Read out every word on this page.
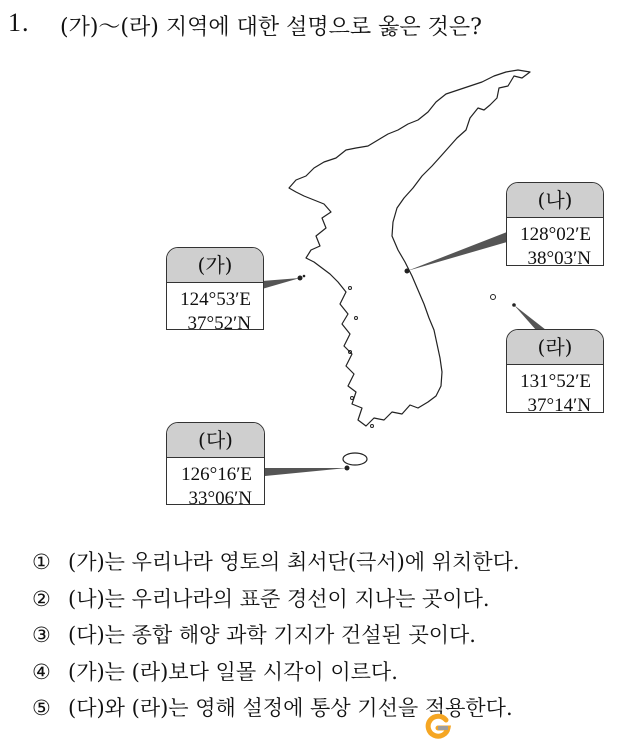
1. (가)～(라) 지역에 대한 설명으로 옳은 것은?
(가)
124°53′E
37°52′N
(나)
128°02′E
38°03′N
(다)
126°16′E
33°06′N
(라)
131°52′E
37°14′N
① (가)는 우리나라 영토의 최서단(극서)에 위치한다.
② (나)는 우리나라의 표준 경선이 지나는 곳이다.
③ (다)는 종합 해양 과학 기지가 건설된 곳이다.
④ (가)는 (라)보다 일몰 시각이 이르다.
⑤ (다)와 (라)는 영해 설정에 통상 기선을 적용한다.
